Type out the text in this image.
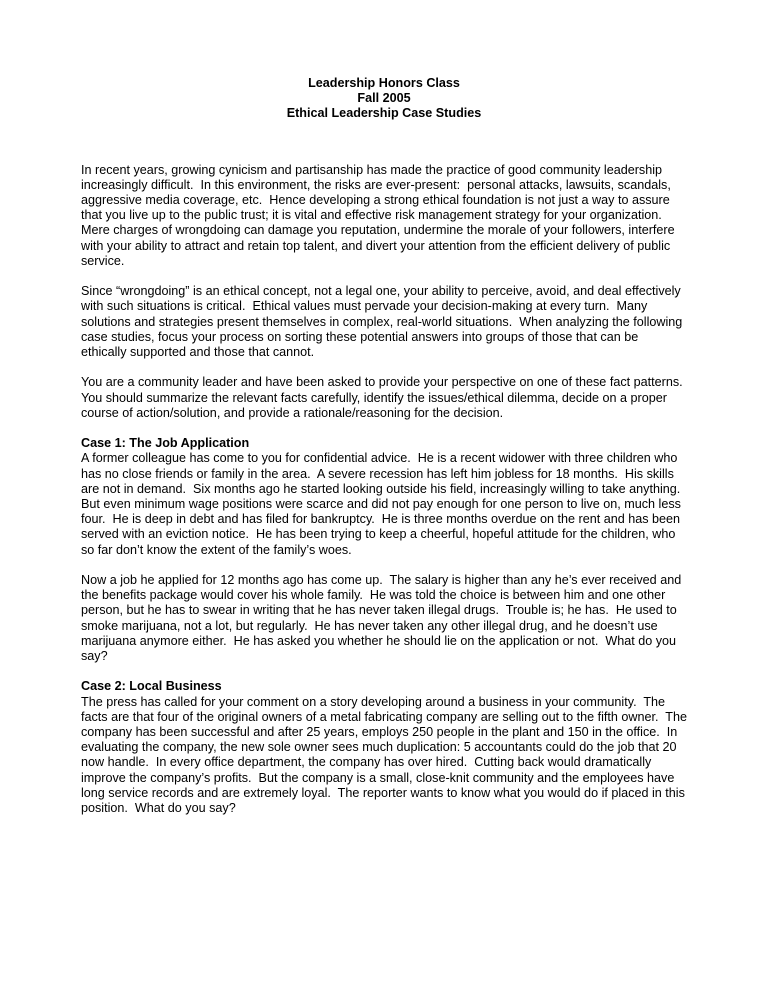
Leadership Honors Class
Fall 2005
Ethical Leadership Case Studies

In recent years, growing cynicism and partisanship has made the practice of good community leadership increasingly difficult.  In this environment, the risks are ever-present:  personal attacks, lawsuits, scandals, aggressive media coverage, etc.  Hence developing a strong ethical foundation is not just a way to assure that you live up to the public trust; it is vital and effective risk management strategy for your organization.  Mere charges of wrongdoing can damage you reputation, undermine the morale of your followers, interfere with your ability to attract and retain top talent, and divert your attention from the efficient delivery of public service.

Since “wrongdoing” is an ethical concept, not a legal one, your ability to perceive, avoid, and deal effectively with such situations is critical.  Ethical values must pervade your decision-making at every turn.  Many solutions and strategies present themselves in complex, real-world situations.  When analyzing the following case studies, focus your process on sorting these potential answers into groups of those that can be ethically supported and those that cannot.

You are a community leader and have been asked to provide your perspective on one of these fact patterns.  You should summarize the relevant facts carefully, identify the issues/ethical dilemma, decide on a proper course of action/solution, and provide a rationale/reasoning for the decision.

Case 1: The Job Application

A former colleague has come to you for confidential advice.  He is a recent widower with three children who has no close friends or family in the area.  A severe recession has left him jobless for 18 months.  His skills are not in demand.  Six months ago he started looking outside his field, increasingly willing to take anything.  But even minimum wage positions were scarce and did not pay enough for one person to live on, much less four.  He is deep in debt and has filed for bankruptcy.  He is three months overdue on the rent and has been served with an eviction notice.  He has been trying to keep a cheerful, hopeful attitude for the children, who so far don’t know the extent of the family’s woes.

Now a job he applied for 12 months ago has come up.  The salary is higher than any he’s ever received and the benefits package would cover his whole family.  He was told the choice is between him and one other person, but he has to swear in writing that he has never taken illegal drugs.  Trouble is; he has.  He used to smoke marijuana, not a lot, but regularly.  He has never taken any other illegal drug, and he doesn’t use marijuana anymore either.  He has asked you whether he should lie on the application or not.  What do you say?

Case 2: Local Business

The press has called for your comment on a story developing around a business in your community.  The facts are that four of the original owners of a metal fabricating company are selling out to the fifth owner.  The company has been successful and after 25 years, employs 250 people in the plant and 150 in the office.  In evaluating the company, the new sole owner sees much duplication: 5 accountants could do the job that 20 now handle.  In every office department, the company has over hired.  Cutting back would dramatically improve the company’s profits.  But the company is a small, close-knit community and the employees have long service records and are extremely loyal.  The reporter wants to know what you would do if placed in this position.  What do you say?
